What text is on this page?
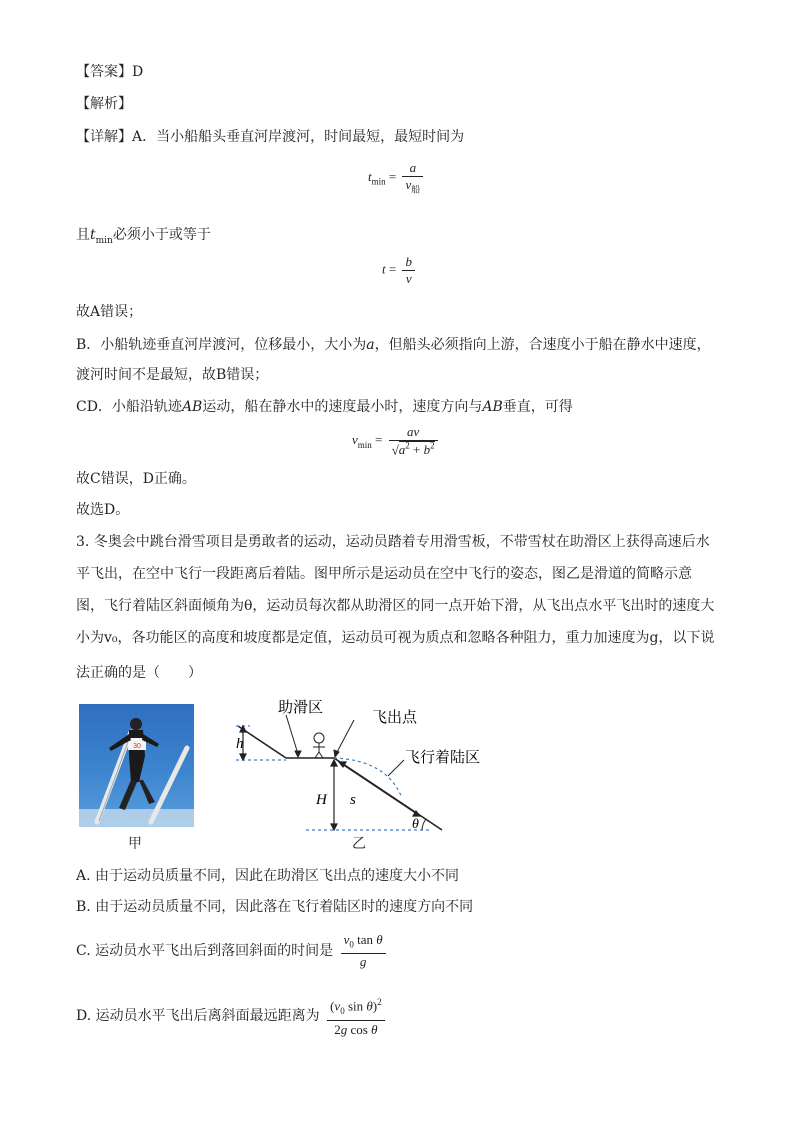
【答案】D
【解析】
【详解】A．当小船船头垂直河岸渡河，时间最短，最短时间为
$t_{min} = \frac{a}{v_船}$
且$t_{min}$必须小于或等于
$t = \frac{b}{v}$
故A错误；
B．小船轨迹垂直河岸渡河，位移最小，大小为a，但船头必须指向上游，合速度小于船在静水中速度，
渡河时间不是最短，故B错误；
CD．小船沿轨迹AB运动，船在静水中的速度最小时，速度方向与AB垂直，可得
$v_{min} = \frac{av}{√a^2 + b^2}$
故C错误，D正确。
故选D。
3. 冬奥会中跳台滑雪项目是勇敢者的运动，运动员踏着专用滑雪板，不带雪杖在助滑区上获得高速后水
平飞出，在空中飞行一段距离后着陆。图甲所示是运动员在空中飞行的姿态，图乙是滑道的简略示意
图，飞行着陆区斜面倾角为θ，运动员每次都从助滑区的同一点开始下滑，从飞出点水平飞出时的速度大
小为v₀，各功能区的高度和坡度都是定值，运动员可视为质点和忽略各种阻力，重力加速度为g，以下说
法正确的是（　　）
30
甲
h
H s
θ
助滑区
飞出点
飞行着陆区
乙
A. 由于运动员质量不同，因此在助滑区飞出点的速度大小不同
B. 由于运动员质量不同，因此落在飞行着陆区时的速度方向不同
C. 运动员水平飞出后到落回斜面的时间是 $\frac{v_0 \tan \theta}{g}$
D. 运动员水平飞出后离斜面最远距离为 $\frac{(v_0 \sin \theta)^2}{\text{2g cos θ}}$
